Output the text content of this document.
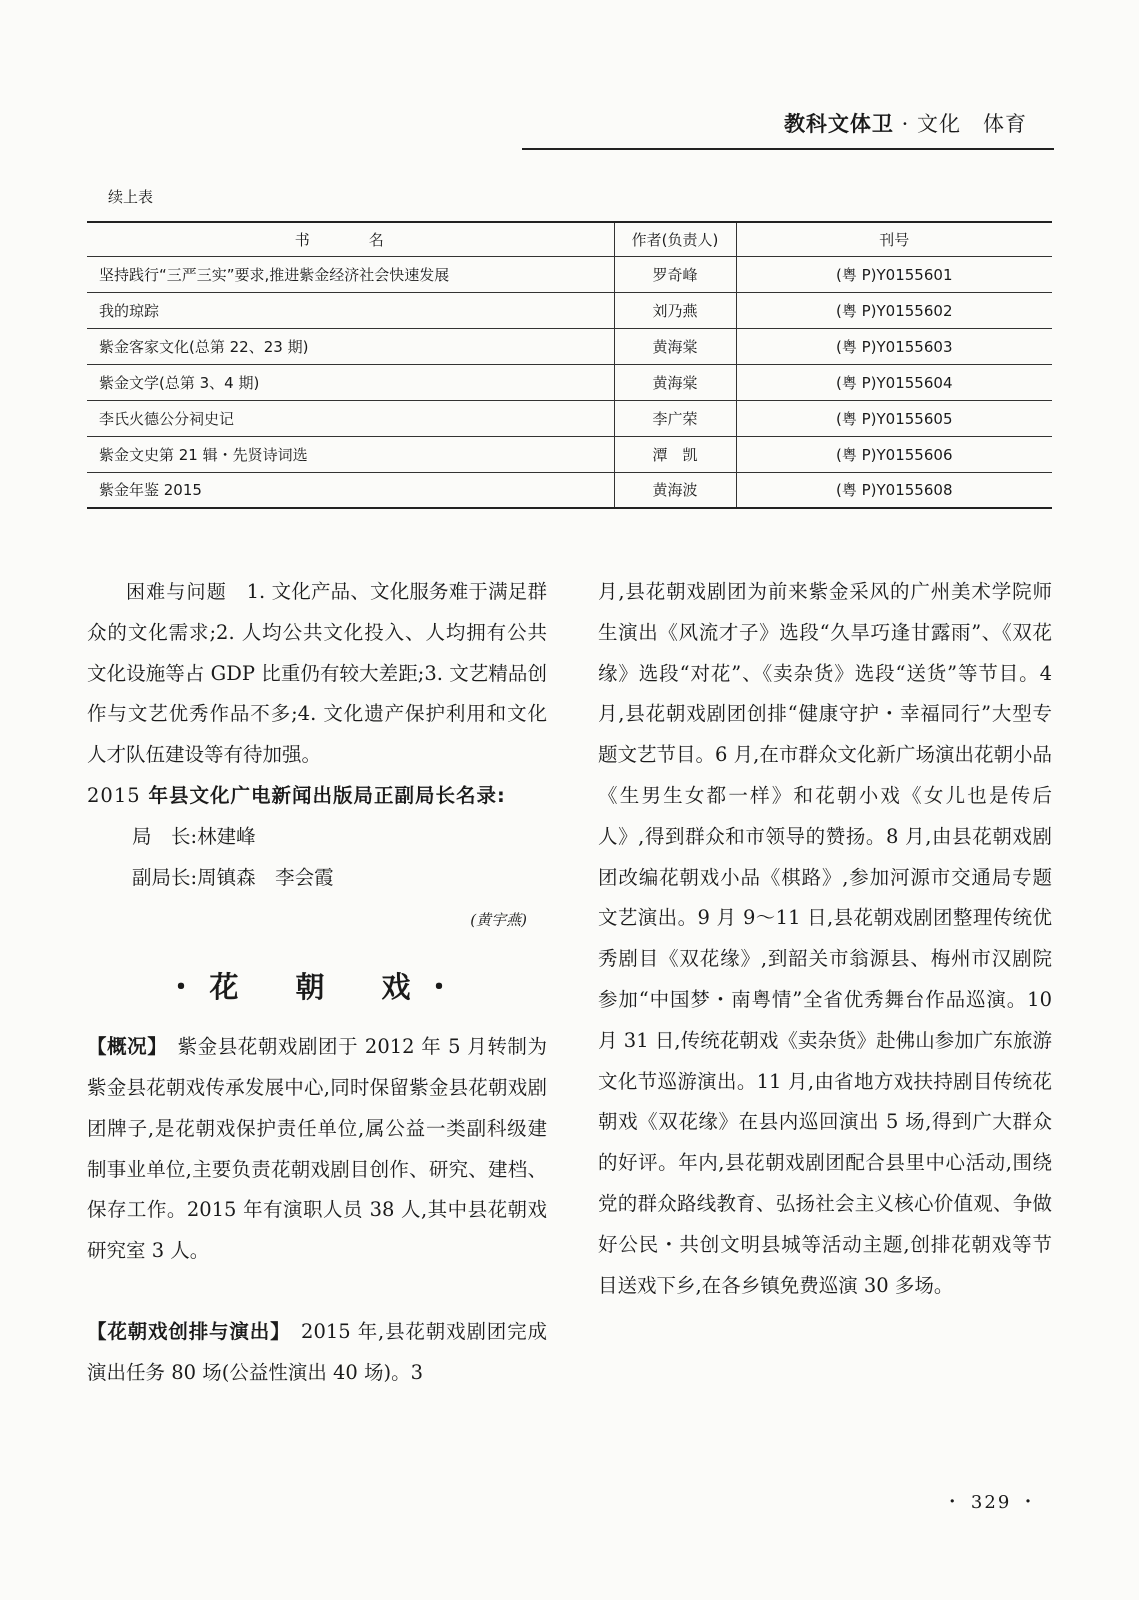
教科文体卫 · 文化　体育
续上表
书　名	作者(负责人)	刊号
坚持践行“三严三实”要求,推进紫金经济社会快速发展	罗奇峰	(粤 P)Y0155601
我的琼踪	刘乃燕	(粤 P)Y0155602
紫金客家文化(总第 22、23 期)	黄海棠	(粤 P)Y0155603
紫金文学(总第 3、4 期)	黄海棠	(粤 P)Y0155604
李氏火德公分祠史记	李广荣	(粤 P)Y0155605
紫金文史第 21 辑・先贤诗词选	潭　凯	(粤 P)Y0155606
紫金年鉴 2015	黄海波	(粤 P)Y0155608

困难与问题　 1. 文化产品、文化服务难于满足群众的文化需求;2. 人均公共文化投入、人均拥有公共文化设施等占 GDP 比重仍有较大差距;3. 文艺精品创作与文艺优秀作品不多;4. 文化遗产保护利用和文化人才队伍建设等有待加强。

2015 年县文化广电新闻出版局正副局长名录:

局　长:林建峰

副局长:周镇森　李会霞

(黄宇燕)

・花　朝　戏・

【概况】　 紫金县花朝戏剧团于 2012 年 5 月转制为紫金县花朝戏传承发展中心,同时保留紫金县花朝戏剧团牌子,是花朝戏保护责任单位,属公益一类副科级建制事业单位,主要负责花朝戏剧目创作、研究、建档、保存工作。2015 年有演职人员 38 人,其中县花朝戏研究室 3 人。

【花朝戏创排与演出】　 2015 年,县花朝戏剧团完成演出任务 80 场(公益性演出 40 场)。3

月,县花朝戏剧团为前来紫金采风的广州美术学院师生演出《风流才子》选段“久旱巧逢甘露雨”、《双花缘》选段“对花”、《卖杂货》选段“送货”等节目。4 月,县花朝戏剧团创排“健康守护・幸福同行”大型专题文艺节目。6 月,在市群众文化新广场演出花朝小品《生男生女都一样》和花朝小戏《女儿也是传后人》,得到群众和市领导的赞扬。8 月,由县花朝戏剧团改编花朝戏小品《棋路》,参加河源市交通局专题文艺演出。9 月 9～11 日,县花朝戏剧团整理传统优秀剧目《双花缘》,到韶关市翁源县、梅州市汉剧院参加“中国梦・南粤情”全省优秀舞台作品巡演。10 月 31 日,传统花朝戏《卖杂货》赴佛山参加广东旅游文化节巡游演出。11 月,由省地方戏扶持剧目传统花朝戏《双花缘》在县内巡回演出 5 场,得到广大群众的好评。年内,县花朝戏剧团配合县里中心活动,围绕党的群众路线教育、弘扬社会主义核心价值观、争做好公民・共创文明县城等活动主题,创排花朝戏等节目送戏下乡,在各乡镇免费巡演 30 多场。

・ 329 ・
